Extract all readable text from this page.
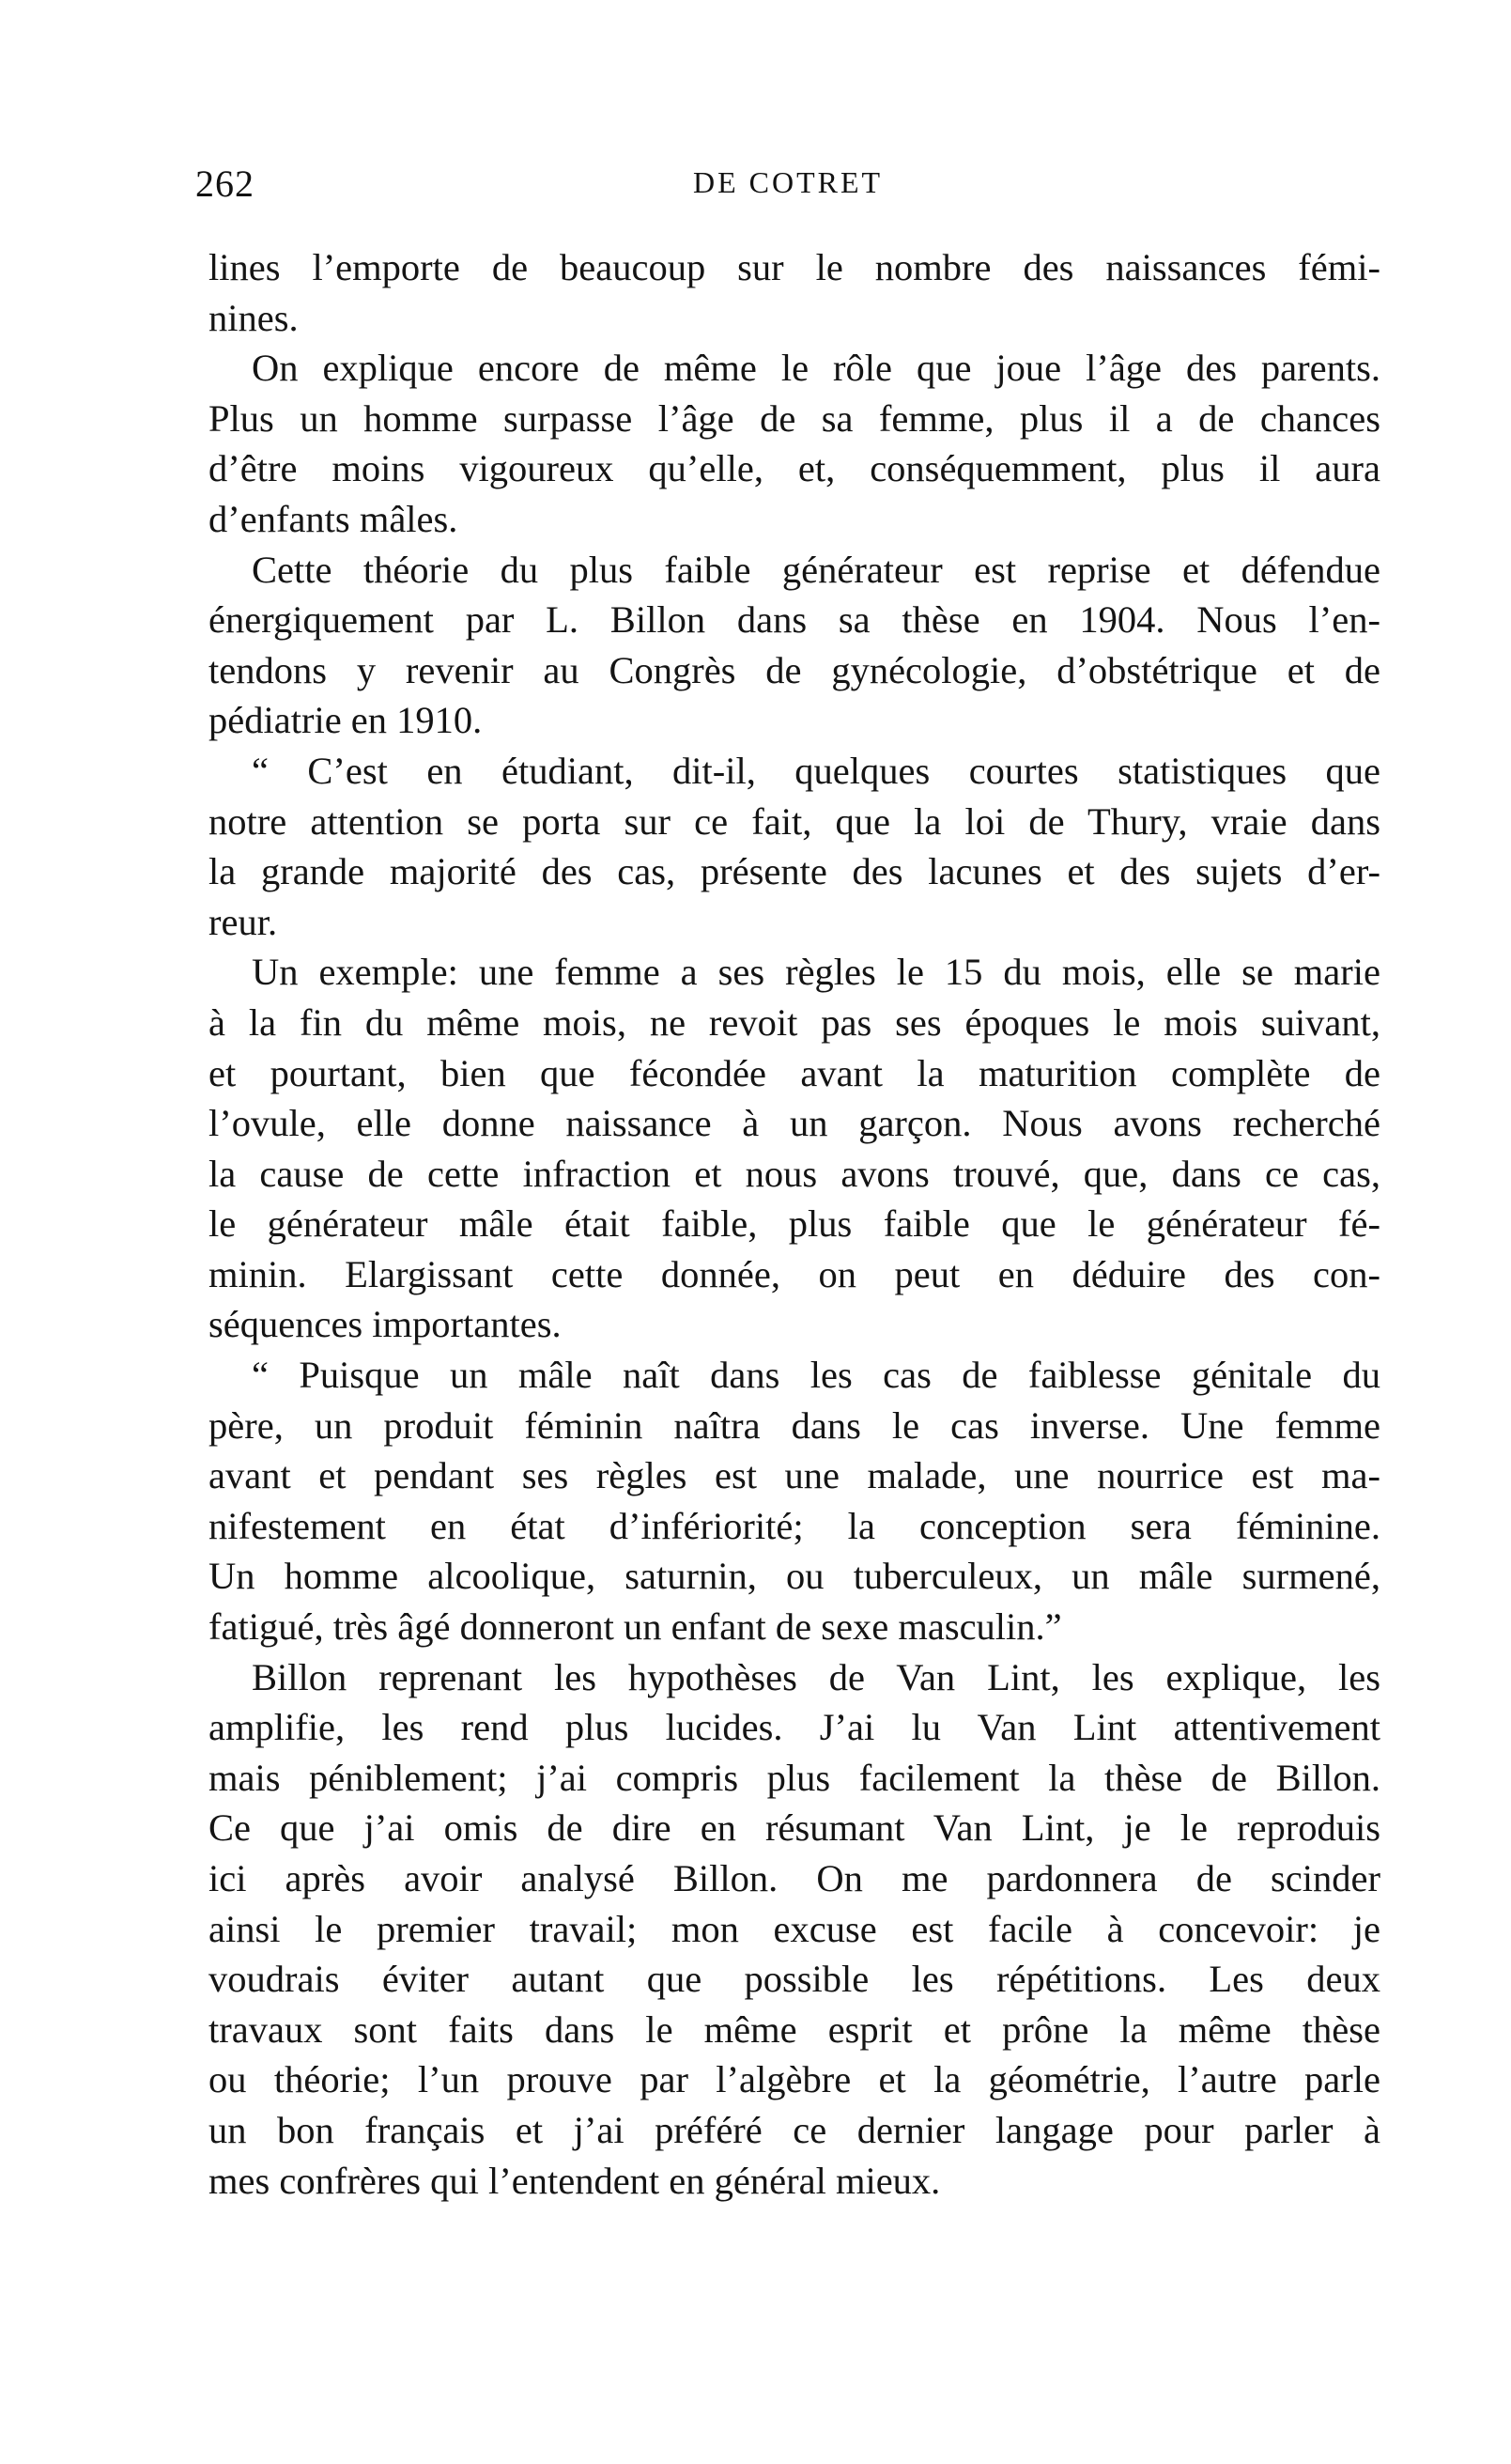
262	DE COTRET
lines l’emporte de beaucoup sur le nombre des naissances fémi-
nines.
On explique encore de même le rôle que joue l’âge des parents.
Plus un homme surpasse l’âge de sa femme, plus il a de chances
d’être moins vigoureux qu’elle, et, conséquemment, plus il aura
d’enfants mâles.
Cette théorie du plus faible générateur est reprise et défendue
énergiquement par L. Billon dans sa thèse en 1904. Nous l’en-
tendons y revenir au Congrès de gynécologie, d’obstétrique et de
pédiatrie en 1910.
“ C’est en étudiant, dit-il, quelques courtes statistiques que
notre attention se porta sur ce fait, que la loi de Thury, vraie dans
la grande majorité des cas, présente des lacunes et des sujets d’er-
reur.
Un exemple: une femme a ses règles le 15 du mois, elle se marie
à la fin du même mois, ne revoit pas ses époques le mois suivant,
et pourtant, bien que fécondée avant la maturition complète de
l’ovule, elle donne naissance à un garçon. Nous avons recherché
la cause de cette infraction et nous avons trouvé, que, dans ce cas,
le générateur mâle était faible, plus faible que le générateur fé-
minin. Elargissant cette donnée, on peut en déduire des con-
séquences importantes.
“ Puisque un mâle naît dans les cas de faiblesse génitale du
père, un produit féminin naîtra dans le cas inverse. Une femme
avant et pendant ses règles est une malade, une nourrice est ma-
nifestement en état d’infériorité; la conception sera féminine.
Un homme alcoolique, saturnin, ou tuberculeux, un mâle surmené,
fatigué, très âgé donneront un enfant de sexe masculin.”
Billon reprenant les hypothèses de Van Lint, les explique, les
amplifie, les rend plus lucides. J’ai lu Van Lint attentivement
mais péniblement; j’ai compris plus facilement la thèse de Billon.
Ce que j’ai omis de dire en résumant Van Lint, je le reproduis
ici après avoir analysé Billon. On me pardonnera de scinder
ainsi le premier travail; mon excuse est facile à concevoir: je
voudrais éviter autant que possible les répétitions. Les deux
travaux sont faits dans le même esprit et prône la même thèse
ou théorie; l’un prouve par l’algèbre et la géométrie, l’autre parle
un bon français et j’ai préféré ce dernier langage pour parler à
mes confrères qui l’entendent en général mieux.
